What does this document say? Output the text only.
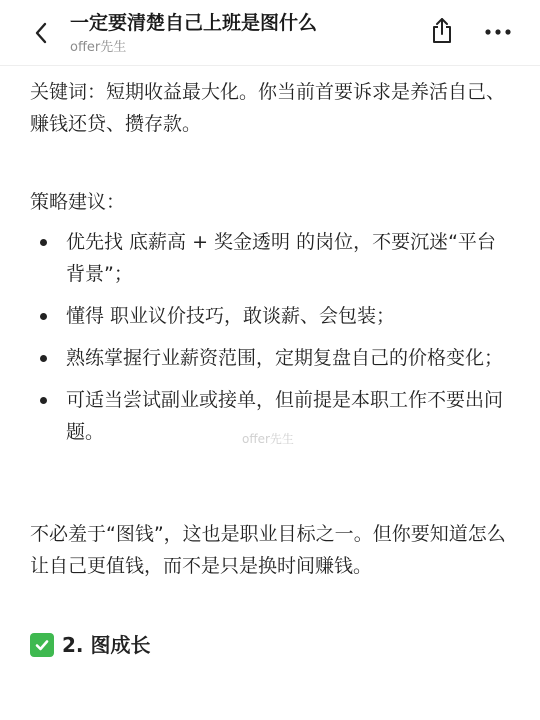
一定要清楚自己上班是图什么
offer先生

关键词：短期收益最大化。你当前首要诉求是养活自己、赚钱还贷、攒存款。

策略建议：

优先找 底薪高 + 奖金透明 的岗位，不要沉迷“平台背景”；
懂得 职业议价技巧，敢谈薪、会包装；
熟练掌握行业薪资范围，定期复盘自己的价格变化；
可适当尝试副业或接单，但前提是本职工作不要出问题。

不必羞于“图钱”，这也是职业目标之一。但你要知道怎么让自己更值钱，而不是只是换时间赚钱。

2. 图成长
offer先生
